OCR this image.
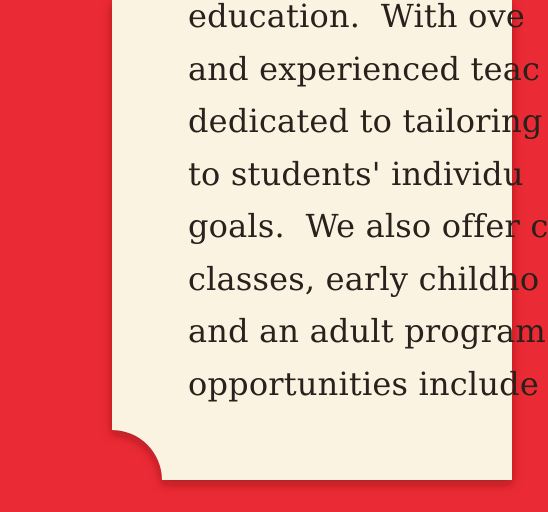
education.  With ove
and experienced teac
dedicated to tailoring
to students' individu
goals.  We also offer c
classes, early childho
and an adult program
opportunities include
